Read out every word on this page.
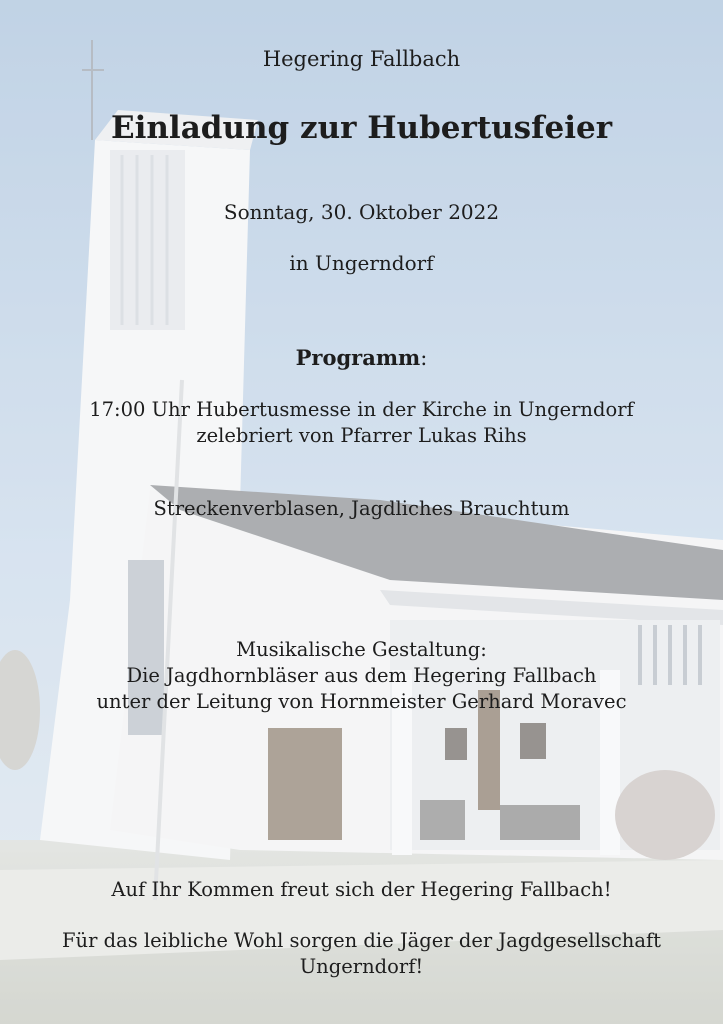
Hegering Fallbach
Einladung zur Hubertusfeier
Sonntag, 30. Oktober 2022
in Ungerndorf
Programm:
17:00 Uhr Hubertusmesse in der Kirche in Ungerndorf
zelebriert von Pfarrer Lukas Rihs
Streckenverblasen, Jagdliches Brauchtum
Musikalische Gestaltung:
Die Jagdhornbläser aus dem Hegering Fallbach
unter der Leitung von Hornmeister Gerhard Moravec
Auf Ihr Kommen freut sich der Hegering Fallbach!
Für das leibliche Wohl sorgen die Jäger der Jagdgesellschaft
Ungerndorf!
